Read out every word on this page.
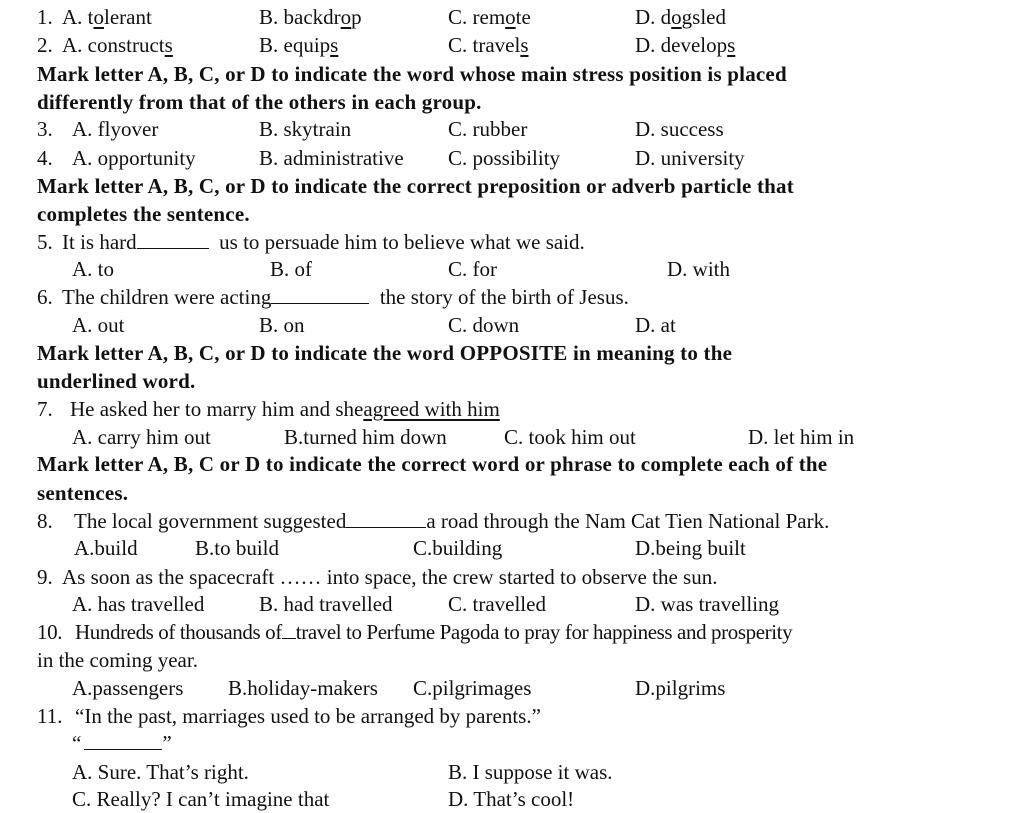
1. A. tolerant	B. backdrop	C. remote	D. dogsled
2. A. constructs	B. equips	C. travels	D. develops
Mark letter A, B, C, or D to indicate the word whose main stress position is placed
differently from that of the others in each group.
3. A. flyover	B. skytrain	C. rubber	D. success
4. A. opportunity	B. administrative C. possibility	D. university
Mark letter A, B, C, or D to indicate the correct preposition or adverb particle that
completes the sentence.
5. It is hard	us to persuade him to believe what we said.
A. to	B. of	C. for	D. with
6. The children were acting	the story of the birth of Jesus.
A. out	B. on	C. down	D. at
Mark letter A, B, C, or D to indicate the word OPPOSITE in meaning to the
underlined word.
7. He asked her to marry him and sheagreed with him
A. carry him out	B.turned him down	C. took him out	D. let him in
Mark letter A, B, C or D to indicate the correct word or phrase to complete each of the
sentences.
8. The local government suggested	a road through the Nam Cat Tien National Park.
A.build	B.to build	C.building	D.being built
9. As soon as the spacecraft …… into space, the crew started to observe the sun.
A. has travelled	B. had travelled	C. travelled	D. was travelling
10. Hundreds of thousands of travel to Perfume Pagoda to pray for happiness and prosperity
in the coming year.
A.passengers B.holiday-makers C.pilgrimages	D.pilgrims
11. “In the past, marriages used to be arranged by parents.”
“	”
A. Sure. That’s right.	B. I suppose it was.
C. Really? I can’t imagine that	D. That’s cool!
